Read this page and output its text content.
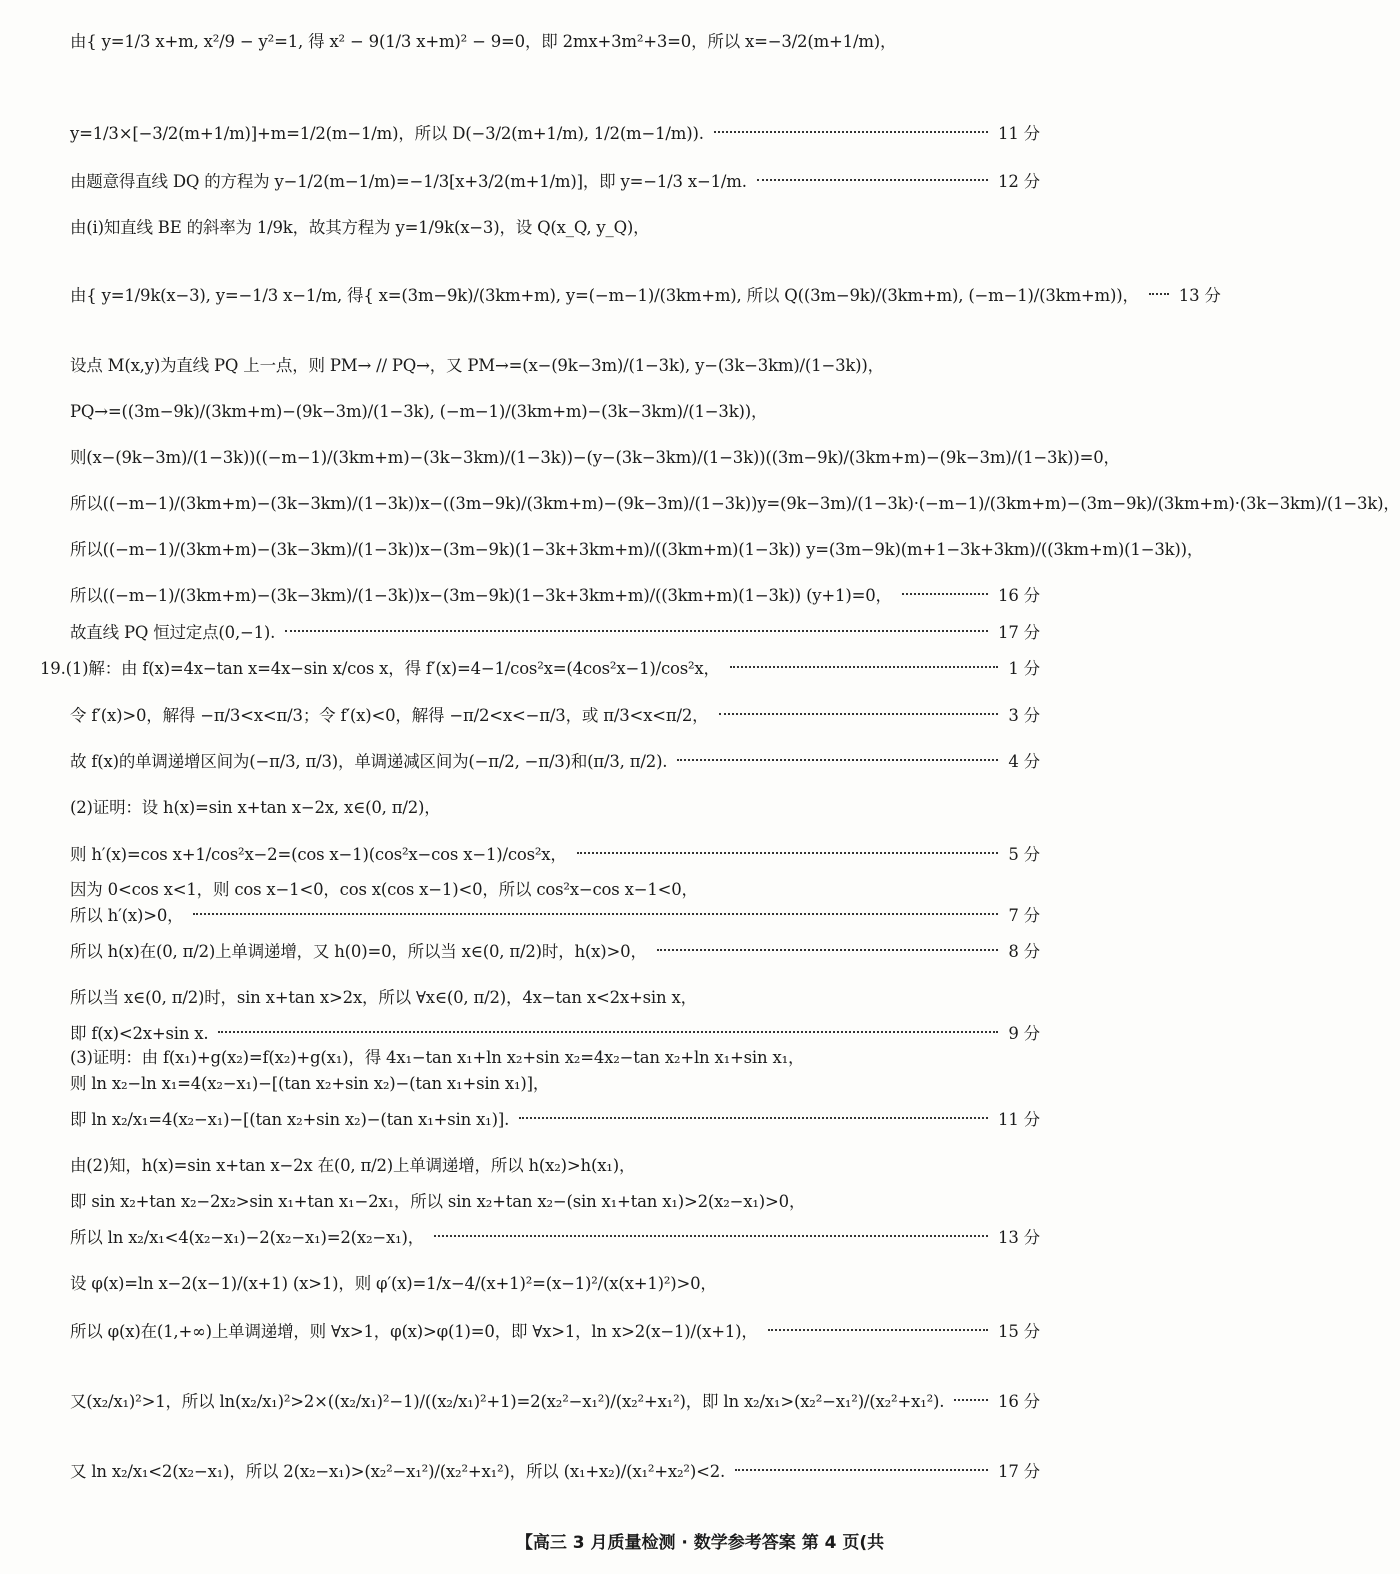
由{ y=1/3 x+m, x²/9 − y²=1, 得 x² − 9(1/3 x+m)² − 9=0，即 2mx+3m²+3=0，所以 x=−3/2(m+1/m)，
y=1/3×[−3/2(m+1/m)]+m=1/2(m−1/m)，所以 D(−3/2(m+1/m), 1/2(m−1/m)).	11 分
由题意得直线 DQ 的方程为 y−1/2(m−1/m)=−1/3[x+3/2(m+1/m)]，即 y=−1/3 x−1/m.	12 分
由(ⅰ)知直线 BE 的斜率为 1/9k，故其方程为 y=1/9k(x−3)，设 Q(x_Q, y_Q)，
由{ y=1/9k(x−3), y=−1/3 x−1/m, 得{ x=(3m−9k)/(3km+m), y=(−m−1)/(3km+m), 所以 Q((3m−9k)/(3km+m), (−m−1)/(3km+m))， 13 分
设点 M(x,y)为直线 PQ 上一点，则 PM→ // PQ→，又 PM→=(x−(9k−3m)/(1−3k), y−(3k−3km)/(1−3k))，
PQ→=((3m−9k)/(3km+m)−(9k−3m)/(1−3k), (−m−1)/(3km+m)−(3k−3km)/(1−3k))，
则(x−(9k−3m)/(1−3k))((−m−1)/(3km+m)−(3k−3km)/(1−3k))−(y−(3k−3km)/(1−3k))((3m−9k)/(3km+m)−(9k−3m)/(1−3k))=0，
所以((−m−1)/(3km+m)−(3k−3km)/(1−3k))x−((3m−9k)/(3km+m)−(9k−3m)/(1−3k))y=(9k−3m)/(1−3k)·(−m−1)/(3km+m)−(3m−9k)/(3km+m)·(3k−3km)/(1−3k)，
所以((−m−1)/(3km+m)−(3k−3km)/(1−3k))x−(3m−9k)(1−3k+3km+m)/((3km+m)(1−3k)) y=(3m−9k)(m+1−3k+3km)/((3km+m)(1−3k))，
所以((−m−1)/(3km+m)−(3k−3km)/(1−3k))x−(3m−9k)(1−3k+3km+m)/((3km+m)(1−3k)) (y+1)=0，	16 分
故直线 PQ 恒过定点(0,−1).	17 分
19.(1)解：由 f(x)=4x−tan x=4x−sin x/cos x，得 f′(x)=4−1/cos²x=(4cos²x−1)/cos²x，	1 分
令 f′(x)>0，解得 −π/3<x<π/3；令 f′(x)<0，解得 −π/2<x<−π/3，或 π/3<x<π/2，	3 分
故 f(x)的单调递增区间为(−π/3, π/3)，单调递减区间为(−π/2, −π/3)和(π/3, π/2).	4 分
(2)证明：设 h(x)=sin x+tan x−2x, x∈(0, π/2)，
则 h′(x)=cos x+1/cos²x−2=(cos x−1)(cos²x−cos x−1)/cos²x，	5 分
因为 0<cos x<1，则 cos x−1<0，cos x(cos x−1)<0，所以 cos²x−cos x−1<0，
所以 h′(x)>0，	7 分
所以 h(x)在(0, π/2)上单调递增，又 h(0)=0，所以当 x∈(0, π/2)时，h(x)>0，	8 分
所以当 x∈(0, π/2)时，sin x+tan x>2x，所以 ∀x∈(0, π/2)，4x−tan x<2x+sin x，
即 f(x)<2x+sin x.	9 分
(3)证明：由 f(x₁)+g(x₂)=f(x₂)+g(x₁)，得 4x₁−tan x₁+ln x₂+sin x₂=4x₂−tan x₂+ln x₁+sin x₁，
则 ln x₂−ln x₁=4(x₂−x₁)−[(tan x₂+sin x₂)−(tan x₁+sin x₁)]，
即 ln x₂/x₁=4(x₂−x₁)−[(tan x₂+sin x₂)−(tan x₁+sin x₁)].	11 分
由(2)知，h(x)=sin x+tan x−2x 在(0, π/2)上单调递增，所以 h(x₂)>h(x₁)，
即 sin x₂+tan x₂−2x₂>sin x₁+tan x₁−2x₁，所以 sin x₂+tan x₂−(sin x₁+tan x₁)>2(x₂−x₁)>0，
所以 ln x₂/x₁<4(x₂−x₁)−2(x₂−x₁)=2(x₂−x₁)，	13 分
设 φ(x)=ln x−2(x−1)/(x+1) (x>1)，则 φ′(x)=1/x−4/(x+1)²=(x−1)²/(x(x+1)²)>0，
所以 φ(x)在(1,+∞)上单调递增，则 ∀x>1，φ(x)>φ(1)=0，即 ∀x>1，ln x>2(x−1)/(x+1)，	15 分
又(x₂/x₁)²>1，所以 ln(x₂/x₁)²>2×((x₂/x₁)²−1)/((x₂/x₁)²+1)=2(x₂²−x₁²)/(x₂²+x₁²)，即 ln x₂/x₁>(x₂²−x₁²)/(x₂²+x₁²).	16 分
又 ln x₂/x₁<2(x₂−x₁)，所以 2(x₂−x₁)>(x₂²−x₁²)/(x₂²+x₁²)，所以 (x₁+x₂)/(x₁²+x₂²)<2.	17 分
【高三 3 月质量检测 · 数学参考答案 第 4 页(共
